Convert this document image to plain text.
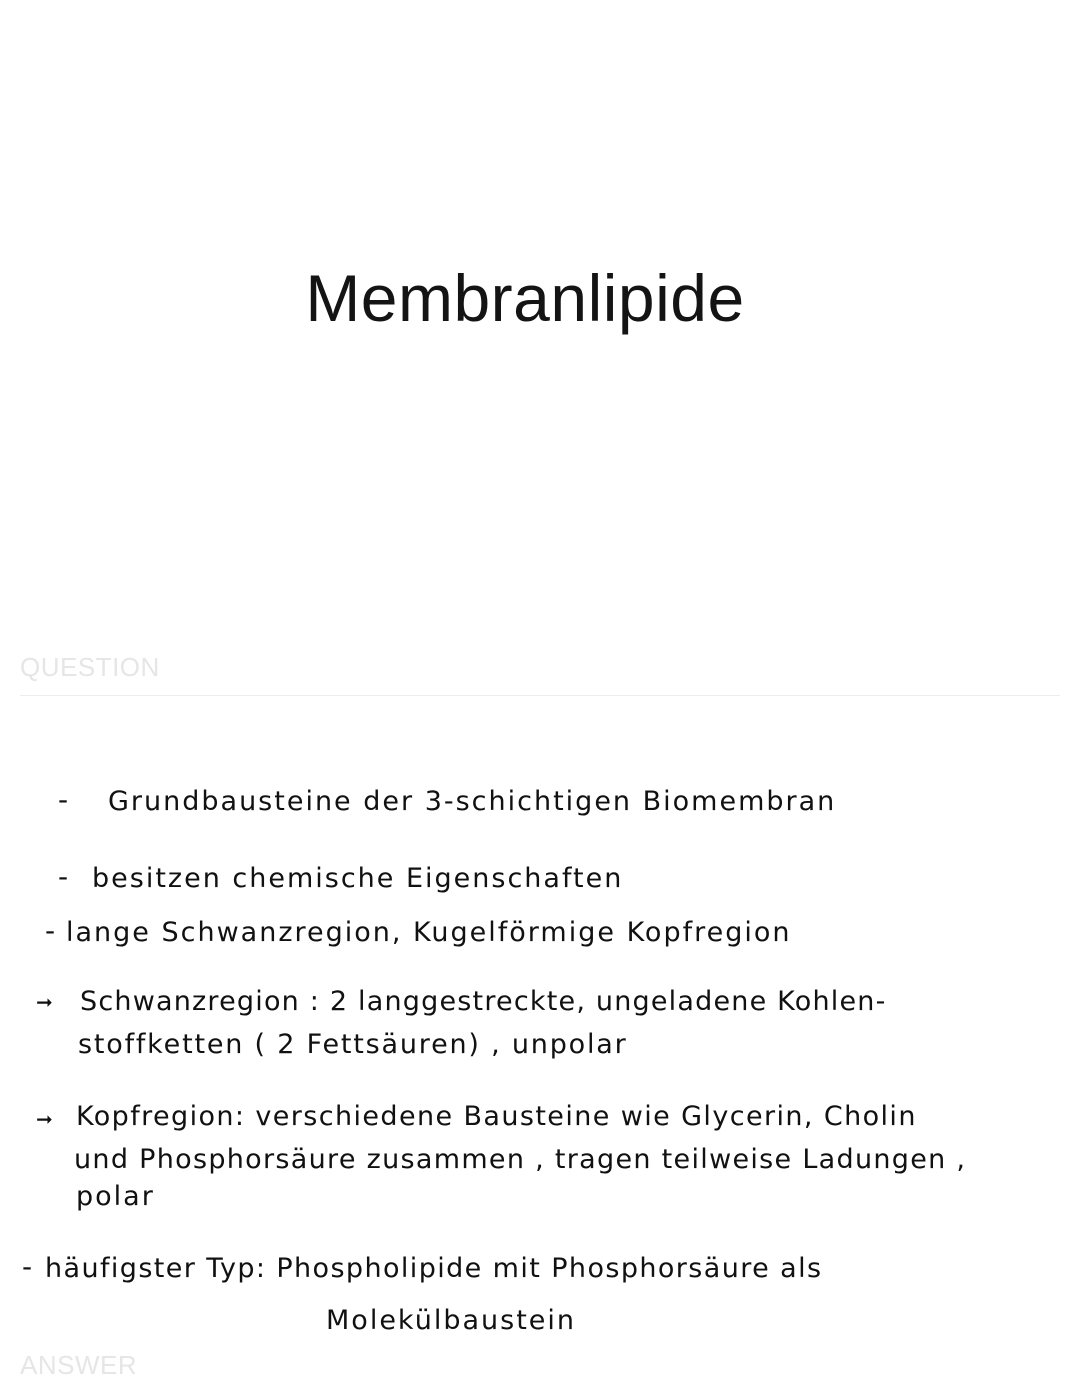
Membranlipide
QUESTION
- Grundbausteine der 3-schichtigen Biomembran
- besitzen chemische Eigenschaften
- lange Schwanzregion, Kugelförmige Kopfregion
➞ Schwanzregion : 2 langgestreckte, ungeladene Kohlen-
stoffketten ( 2 Fettsäuren) , unpolar
➞ Kopfregion: verschiedene Bausteine wie Glycerin, Cholin
und Phosphorsäure zusammen , tragen teilweise Ladungen ,
polar
- häufigster Typ: Phospholipide mit Phosphorsäure als
Molekülbaustein
ANSWER
